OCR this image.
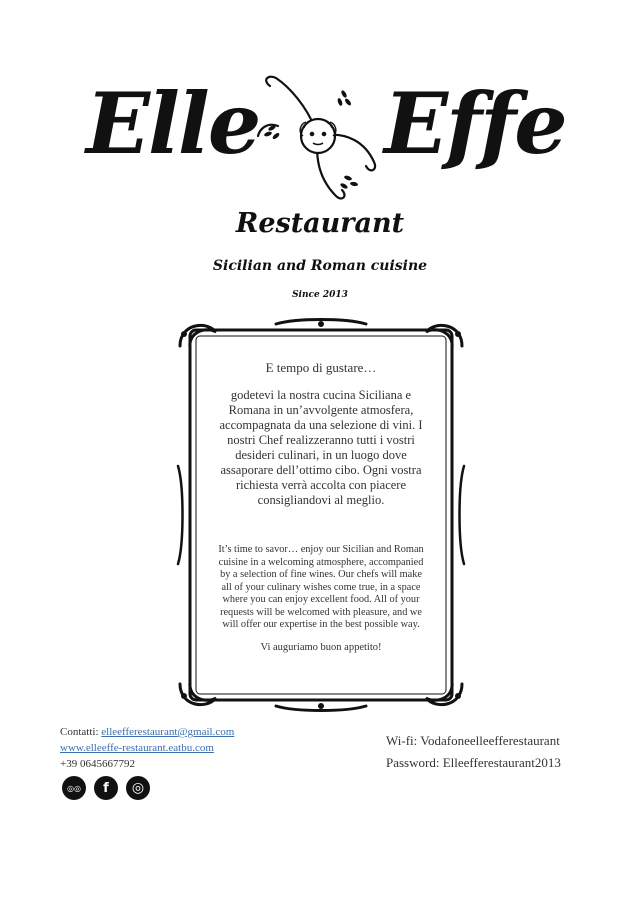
Elle Effe
Restaurant
Sicilian and Roman cuisine
Since 2013

E tempo di gustare…

godetevi la nostra cucina Siciliana e Romana in un’avvolgente atmosfera, accompagnata da una selezione di vini. I nostri Chef realizzeranno tutti i vostri desideri culinari, in un luogo dove assaporare dell’ottimo cibo. Ogni vostra richiesta verrà accolta con piacere consigliandovi al meglio.

It’s time to savor… enjoy our Sicilian and Roman cuisine in a welcoming atmosphere, accompanied by a selection of fine wines. Our chefs will make all of your culinary wishes come true, in a space where you can enjoy excellent food. All of your requests will be welcomed with pleasure, and we will offer our expertise in the best possible way.

Vi auguriamo buon appetito!

Contatti: elleefferestaurant@gmail.com
www.elleeffe-restaurant.eatbu.com
+39 0645667792
◎◎	f	◎
Wi-fi: Vodafoneelleefferestaurant
Password: Elleefferestaurant2013
